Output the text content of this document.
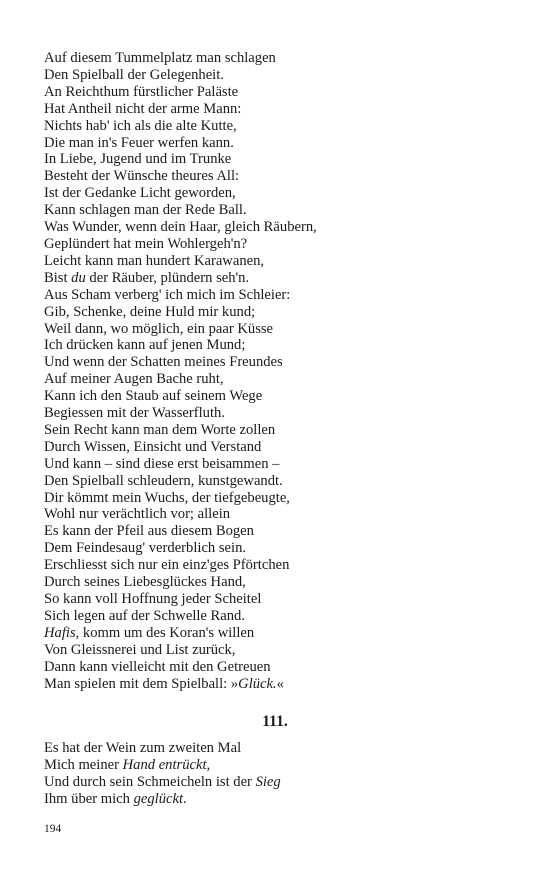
Auf diesem Tummelplatz man schlagen
Den Spielball der Gelegenheit.
An Reichthum fürstlicher Paläste
Hat Antheil nicht der arme Mann:
Nichts hab' ich als die alte Kutte,
Die man in's Feuer werfen kann.
In Liebe, Jugend und im Trunke
Besteht der Wünsche theures All:
Ist der Gedanke Licht geworden,
Kann schlagen man der Rede Ball.
Was Wunder, wenn dein Haar, gleich Räubern,
Geplündert hat mein Wohlergeh'n?
Leicht kann man hundert Karawanen,
Bist du der Räuber, plündern seh'n.
Aus Scham verberg' ich mich im Schleier:
Gib, Schenke, deine Huld mir kund;
Weil dann, wo möglich, ein paar Küsse
Ich drücken kann auf jenen Mund;
Und wenn der Schatten meines Freundes
Auf meiner Augen Bache ruht,
Kann ich den Staub auf seinem Wege
Begiessen mit der Wasserfluth.
Sein Recht kann man dem Worte zollen
Durch Wissen, Einsicht und Verstand
Und kann – sind diese erst beisammen –
Den Spielball schleudern, kunstgewandt.
Dir kömmt mein Wuchs, der tiefgebeugte,
Wohl nur verächtlich vor; allein
Es kann der Pfeil aus diesem Bogen
Dem Feindesaug' verderblich sein.
Erschliesst sich nur ein einz'ges Pförtchen
Durch seines Liebesglückes Hand,
So kann voll Hoffnung jeder Scheitel
Sich legen auf der Schwelle Rand.
Hafis, komm um des Koran's willen
Von Gleissnerei und List zurück,
Dann kann vielleicht mit den Getreuen
Man spielen mit dem Spielball: »Glück.«
111.
Es hat der Wein zum zweiten Mal
Mich meiner Hand entrückt,
Und durch sein Schmeicheln ist der Sieg
Ihm über mich geglückt.
194
